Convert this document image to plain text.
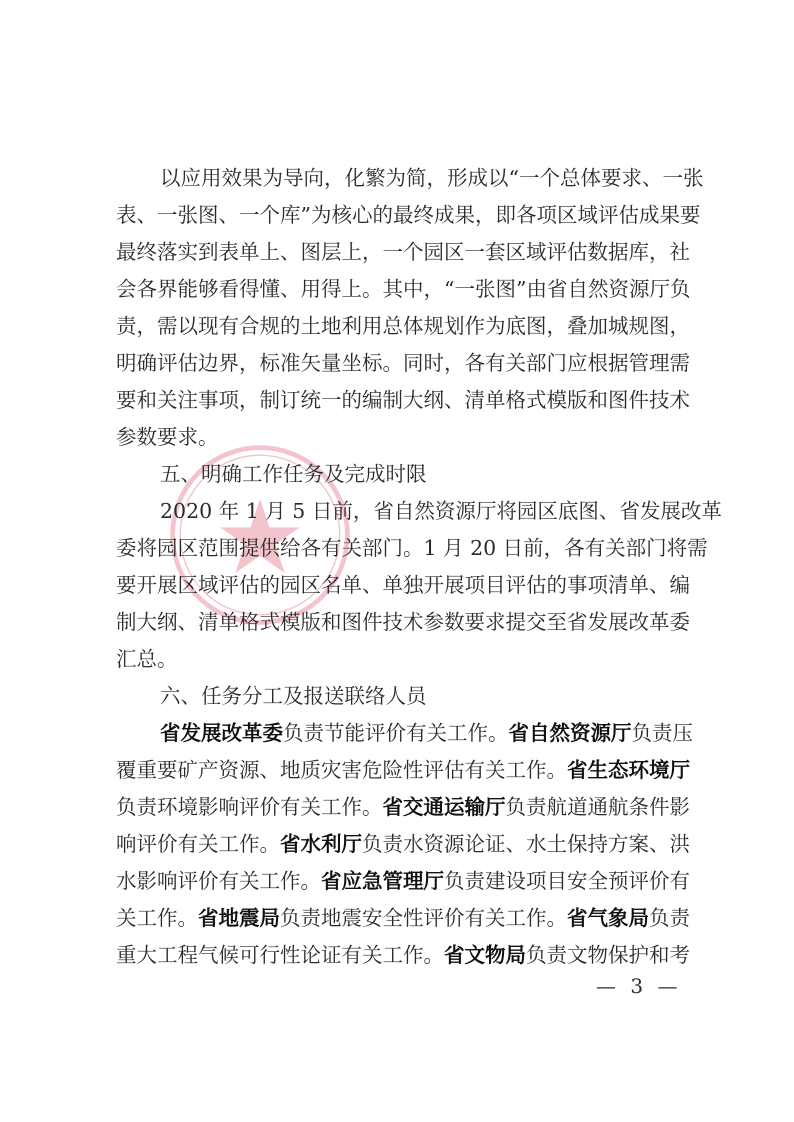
以应用效果为导向，化繁为简，形成以“一个总体要求、一张
表、一张图、一个库”为核心的最终成果，即各项区域评估成果要
最终落实到表单上、图层上，一个园区一套区域评估数据库，社
会各界能够看得懂、用得上。其中，“一张图”由省自然资源厅负
责，需以现有合规的土地利用总体规划作为底图，叠加城规图，
明确评估边界，标准矢量坐标。同时，各有关部门应根据管理需
要和关注事项，制订统一的编制大纲、清单格式模版和图件技术
参数要求。
五、明确工作任务及完成时限
2020 年 1 月 5 日前，省自然资源厅将园区底图、省发展改革
委将园区范围提供给各有关部门。1 月 20 日前，各有关部门将需
要开展区域评估的园区名单、单独开展项目评估的事项清单、编
制大纲、清单格式模版和图件技术参数要求提交至省发展改革委
汇总。
六、任务分工及报送联络人员
省发展改革委负责节能评价有关工作。省自然资源厅负责压
覆重要矿产资源、地质灾害危险性评估有关工作。省生态环境厅
负责环境影响评价有关工作。省交通运输厅负责航道通航条件影
响评价有关工作。省水利厅负责水资源论证、水土保持方案、洪
水影响评价有关工作。省应急管理厅负责建设项目安全预评价有
关工作。省地震局负责地震安全性评价有关工作。省气象局负责
重大工程气候可行性论证有关工作。省文物局负责文物保护和考
— 3 —
